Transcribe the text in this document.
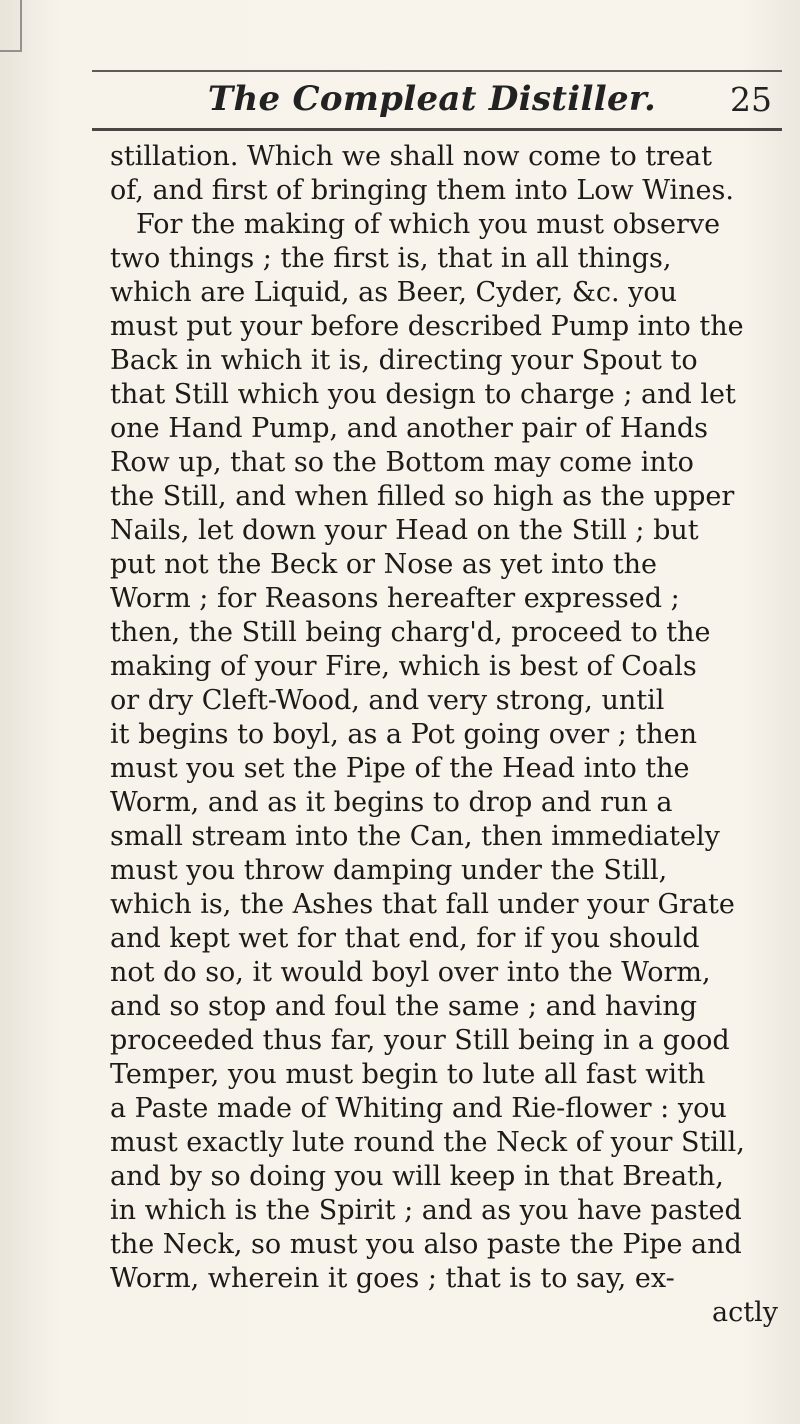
The Compleat Distiller.	25
stillation. Which we shall now come to treat
of, and first of bringing them into Low Wines.
For the making of which you must observe
two things ; the first is, that in all things,
which are Liquid, as Beer, Cyder, &c. you
must put your before described Pump into the
Back in which it is, directing your Spout to
that Still which you design to charge ; and let
one Hand Pump, and another pair of Hands
Row up, that so the Bottom may come into
the Still, and when filled so high as the upper
Nails, let down your Head on the Still ; but
put not the Beck or Nose as yet into the
Worm ; for Reasons hereafter expressed ;
then, the Still being charg'd, proceed to the
making of your Fire, which is best of Coals
or dry Cleft-Wood, and very strong, until
it begins to boyl, as a Pot going over ; then
must you set the Pipe of the Head into the
Worm, and as it begins to drop and run a
small stream into the Can, then immediately
must you throw damping under the Still,
which is, the Ashes that fall under your Grate
and kept wet for that end, for if you should
not do so, it would boyl over into the Worm,
and so stop and foul the same ; and having
proceeded thus far, your Still being in a good
Temper, you must begin to lute all fast with
a Paste made of Whiting and Rie-flower : you
must exactly lute round the Neck of your Still,
and by so doing you will keep in that Breath,
in which is the Spirit ; and as you have pasted
the Neck, so must you also paste the Pipe and
Worm, wherein it goes ; that is to say, ex-
actly
